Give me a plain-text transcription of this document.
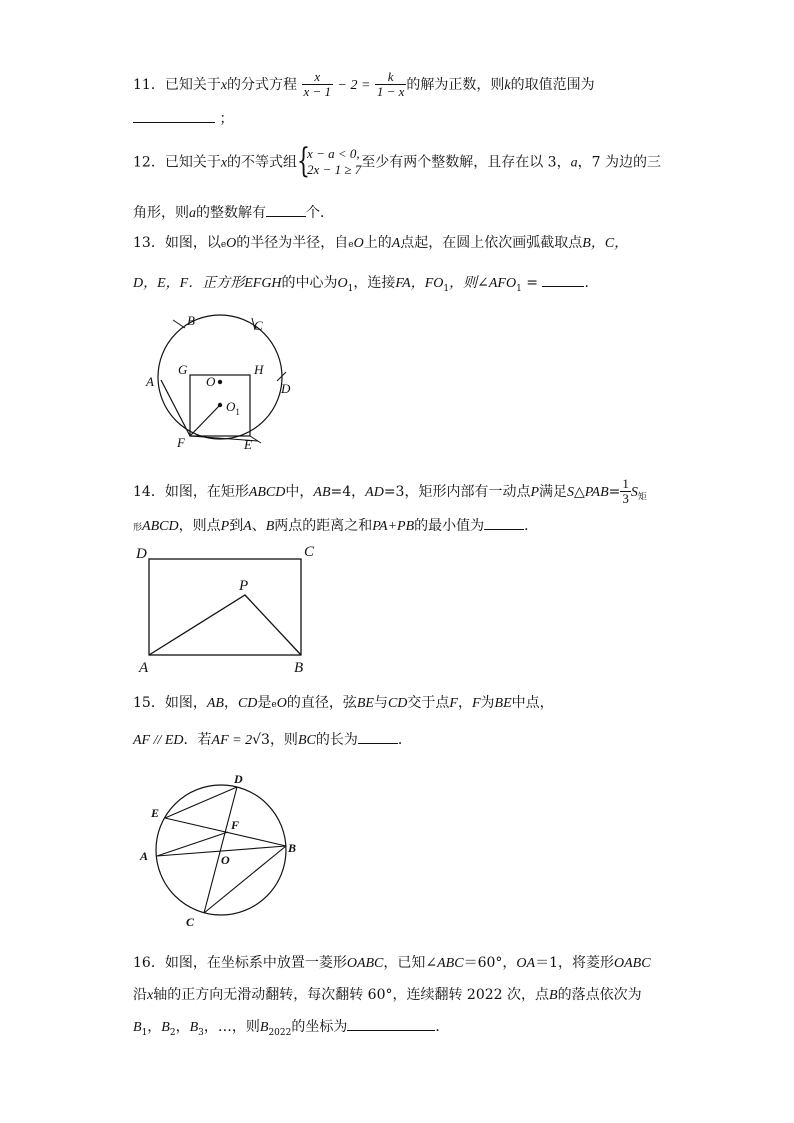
11．已知关于x的分式方程 $\frac{x}{x - 1} - 2 = \frac{k}{1 - x}$ 的解为正数，则k的取值范围为
；
12．已知关于x的不等式组 {
x − a < 0,
2x − 1 ≥ 7 至少有两个整数解，且存在以 3，a，7 为边的三
角形，则a的整数解有	个．
13．如图，以eO的半径为半径，自eO上的A点起，在圆上依次画弧截取点B，C，
D，E，F．正方形EFGH的中心为$O_1$，连接FA，$FO_1$，则$\angle AFO_1$ =	．
B	C
A
G
O
H
D
$O_1$
F	E
14．如图，在矩形ABCD中，AB=4，AD=3，矩形内部有一动点P满足S△PAB= $\frac{1}{3} S_矩$
形ABCD，则点P到A、B两点的距离之和PA+PB的最小值为	．
D	C
P
A	B
15．如图，AB，CD是eO的直径，弦BE与CD交于点F，F为BE中点，
AF // ED．若AF = 2√3，则BC的长为	．
D
E
F
A	O
B
C
16．如图，在坐标系中放置一菱形OABC，已知∠ABC＝60°，OA＝1，将菱形OABC
沿x轴的正方向无滑动翻转，每次翻转 60°，连续翻转 2022 次，点B的落点依次为
$B_1$，$B_2$，$B_3$，…，则$B_{2022}$的坐标为	．
